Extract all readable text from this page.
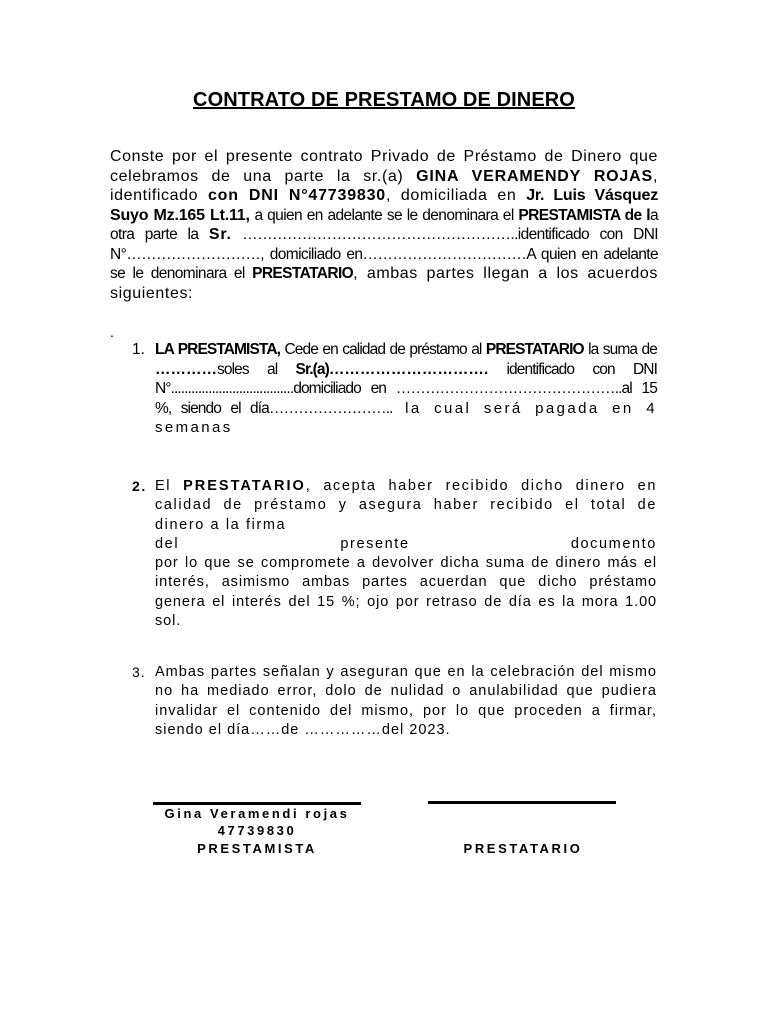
CONTRATO DE PRESTAMO DE DINERO
Conste por el presente contrato Privado de Préstamo de Dinero que celebramos de una parte la sr.(a) GINA VERAMENDY ROJAS, identificado con DNI N°47739830, domiciliada en Jr. Luis Vásquez Suyo Mz.165 Lt.11, a quien en adelante se le denominara el PRESTAMISTA de la otra parte la Sr. ………………………………………………..identificado con DNI N°………………………, domiciliado en……………………………A quien en adelante se le denominara el PRESTATARIO, ambas partes llegan a los acuerdos siguientes:
.
1. LA PRESTAMISTA, Cede en calidad de préstamo al PRESTATARIO la suma de …………soles al Sr.(a)…………………………. identificado con DNI N°....................................domiciliado en ………………………………………..al 15 %, siendo el día…………………….. la cual será pagada en 4 semanas
2. El PRESTATARIO, acepta haber recibido dicho dinero en calidad de préstamo y asegura haber recibido el total de dinero a la firma
del	presente	documento
por lo que se compromete a devolver dicha suma de dinero más el interés, asimismo ambas partes acuerdan que dicho préstamo genera el interés del 15 %; ojo por retraso de día es la mora 1.00 sol.
3. Ambas partes señalan y aseguran que en la celebración del mismo no ha mediado error, dolo de nulidad o anulabilidad que pudiera invalidar el contenido del mismo, por lo que proceden a firmar, siendo el día……de ……………del 2023.
Gina Veramendi rojas
47739830
PRESTAMISTA	PRESTATARIO
